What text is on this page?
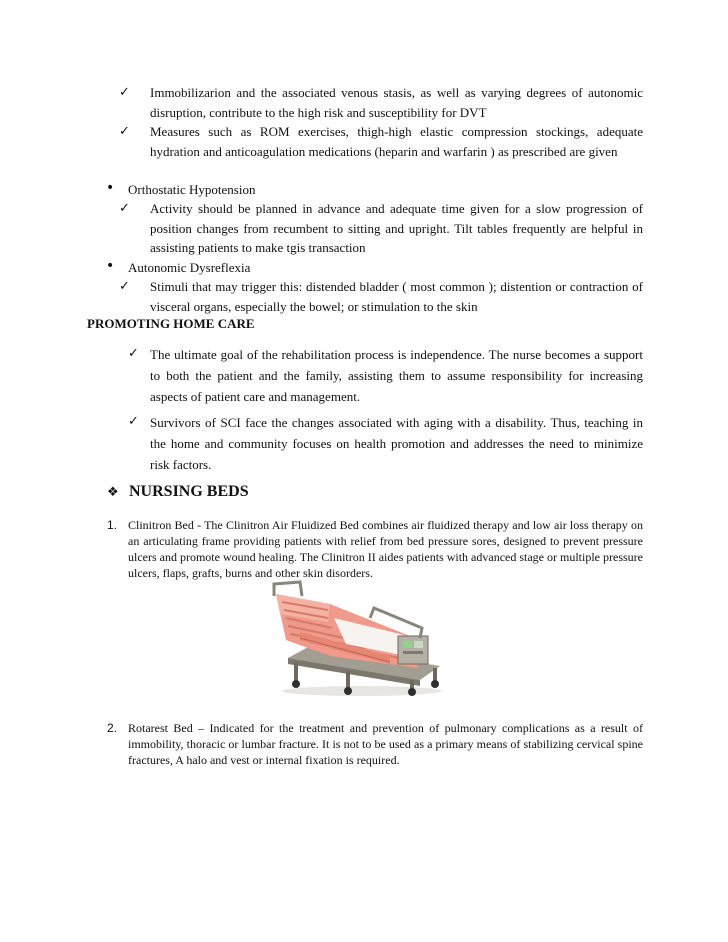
✓ Immobilizarion and the associated venous stasis, as well as varying degrees of autonomic disruption, contribute to the high risk and susceptibility for DVT
✓ Measures such as ROM exercises, thigh-high elastic compression stockings, adequate hydration and anticoagulation medications (heparin and warfarin ) as prescribed are given
• Orthostatic Hypotension
✓ Activity should be planned in advance and adequate time given for a slow progression of position changes from recumbent to sitting and upright. Tilt tables frequently are helpful in assisting patients to make tgis transaction
• Autonomic Dysreflexia
✓ Stimuli that may trigger this: distended bladder ( most common ); distention or contraction of visceral organs, especially the bowel; or stimulation to the skin
PROMOTING HOME CARE
✓ The ultimate goal of the rehabilitation process is independence. The nurse becomes a support to both the patient and the family, assisting them to assume responsibility for increasing aspects of patient care and management.
✓ Survivors of SCI face the changes associated with aging with a disability. Thus, teaching in the home and community focuses on health promotion and addresses the need to minimize risk factors.
❖ NURSING BEDS
1. Clinitron Bed - The Clinitron Air Fluidized Bed combines air fluidized therapy and low air loss therapy on an articulating frame providing patients with relief from bed pressure sores, designed to prevent pressure ulcers and promote wound healing. The Clinitron II aides patients with advanced stage or multiple pressure ulcers, flaps, grafts, burns and other skin disorders.
2. Rotarest Bed – Indicated for the treatment and prevention of pulmonary complications as a result of immobility, thoracic or lumbar fracture. It is not to be used as a primary means of stabilizing cervical spine fractures, A halo and vest or internal fixation is required.
